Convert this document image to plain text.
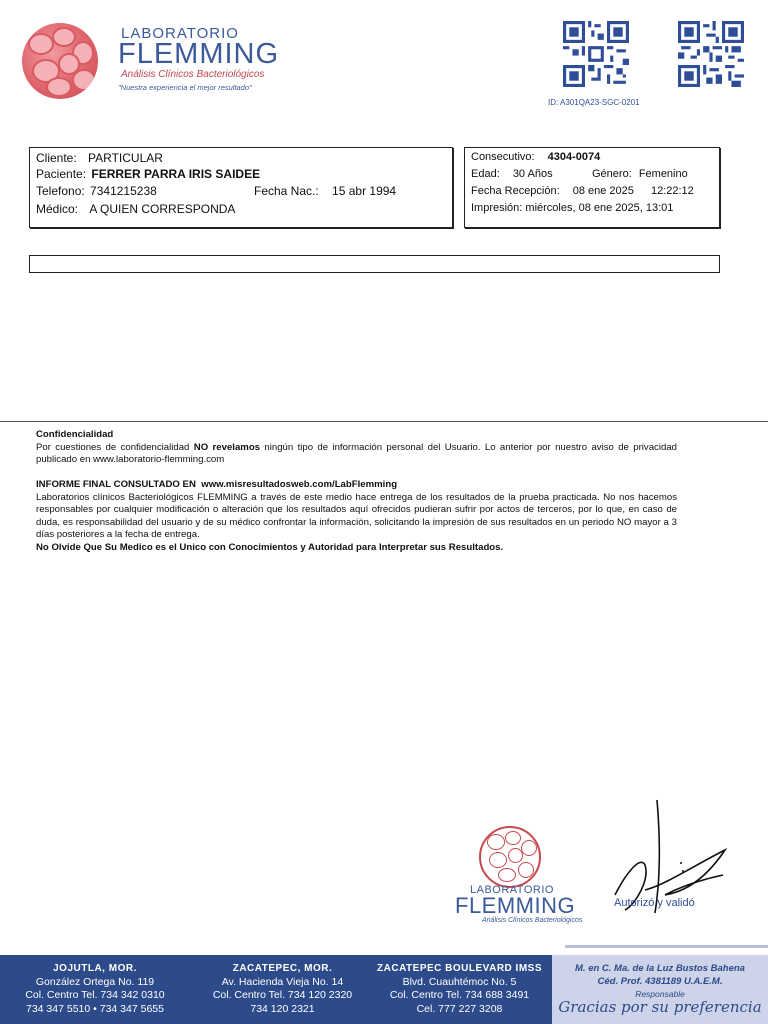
LABORATORIO
FLEMMING
Análisis Clínicos Bacteriológicos
"Nuestra experiencia el mejor resultado"
ID: A301QA23-SGC-0201
Cliente: PARTICULAR
Paciente: FERRER PARRA IRIS SAIDEE
Telefono: 7341215238	Fecha Nac.: 15 abr 1994
Médico: A QUIEN CORRESPONDA
Consecutivo: 4304-0074
Edad: 30 Años	Género: Femenino
Fecha Recepción: 08 ene 2025 12:22:12
Impresión: miércoles, 08 ene 2025, 13:01
Confidencialidad
Por cuestiones de confidencialidad NO revelamos ningún tipo de información personal del Usuario. Lo anterior por nuestro aviso de privacidad publicado en www.laboratorio-flemming.com
INFORME FINAL CONSULTADO EN www.misresultadosweb.com/LabFlemming
Laboratorios clínicos Bacteriológicos FLEMMING a través de este medio hace entrega de los resultados de la prueba practicada. No nos hacemos responsables por cualquier modificación o alteración que los resultados aquí ofrecidos pudieran sufrir por actos de terceros, por lo que, en caso de duda, es responsabilidad del usuario y de su médico confrontar la información, solicitando la impresión de sus resultados en un periodo NO mayor a 3 días posteriores a la fecha de entrega.
No Olvide Que Su Medico es el Unico con Conocimientos y Autoridad para Interpretar sus Resultados.
LABORATORIO
FLEMMING
Análisis Clínicos Bacteriológicos
Autorizó y validó
JOJUTLA, MOR.
González Ortega No. 119
Col. Centro Tel. 734 342 0310
734 347 5510 • 734 347 5655
ZACATEPEC, MOR.
Av. Hacienda Vieja No. 14
Col. Centro Tel. 734 120 2320
734 120 2321
ZACATEPEC BOULEVARD IMSS
Blvd. Cuauhtémoc No. 5
Col. Centro Tel. 734 688 3491
Cel. 777 227 3208
M. en C. Ma. de la Luz Bustos Bahena
Céd. Prof. 4381189 U.A.E.M.
Responsable
Gracias por su preferencia
